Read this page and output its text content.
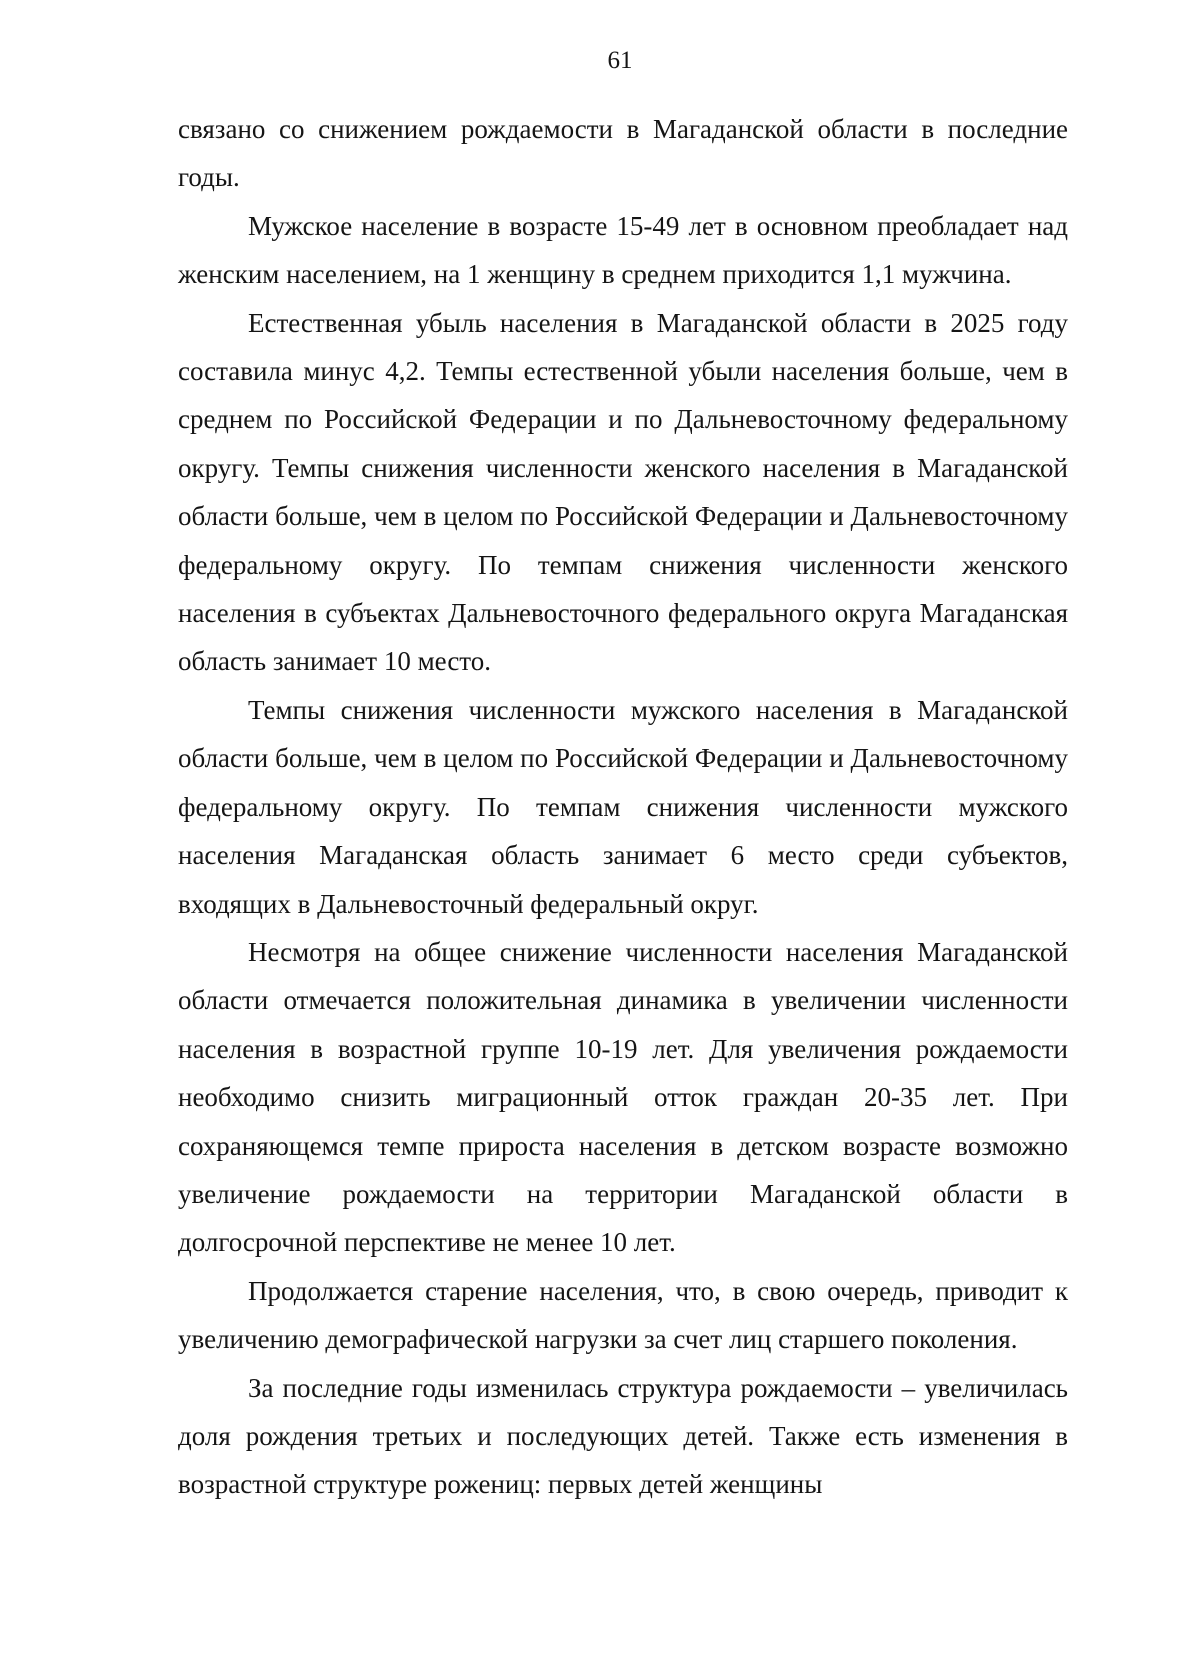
61

связано со снижением рождаемости в Магаданской области в последние годы.

Мужское население в возрасте 15-49 лет в основном преобладает над женским населением, на 1 женщину в среднем приходится 1,1 мужчина.

Естественная убыль населения в Магаданской области в 2025 году составила минус 4,2. Темпы естественной убыли населения больше, чем в среднем по Российской Федерации и по Дальневосточному федеральному округу. Темпы снижения численности женского населения в Магаданской области больше, чем в целом по Российской Федерации и Дальневосточному федеральному округу. По темпам снижения численности женского населения в субъектах Дальневосточного федерального округа Магаданская область занимает 10 место.

Темпы снижения численности мужского населения в Магаданской области больше, чем в целом по Российской Федерации и Дальневосточному федеральному округу. По темпам снижения численности мужского населения Магаданская область занимает 6 место среди субъектов, входящих в Дальневосточный федеральный округ.

Несмотря на общее снижение численности населения Магаданской области отмечается положительная динамика в увеличении численности населения в возрастной группе 10-19 лет. Для увеличения рождаемости необходимо снизить миграционный отток граждан 20-35 лет. При сохраняющемся темпе прироста населения в детском возрасте возможно увеличение рождаемости на территории Магаданской области в долгосрочной перспективе не менее 10 лет.

Продолжается старение населения, что, в свою очередь, приводит к увеличению демографической нагрузки за счет лиц старшего поколения.

За последние годы изменилась структура рождаемости – увеличилась доля рождения третьих и последующих детей. Также есть изменения в возрастной структуре рожениц: первых детей женщины
